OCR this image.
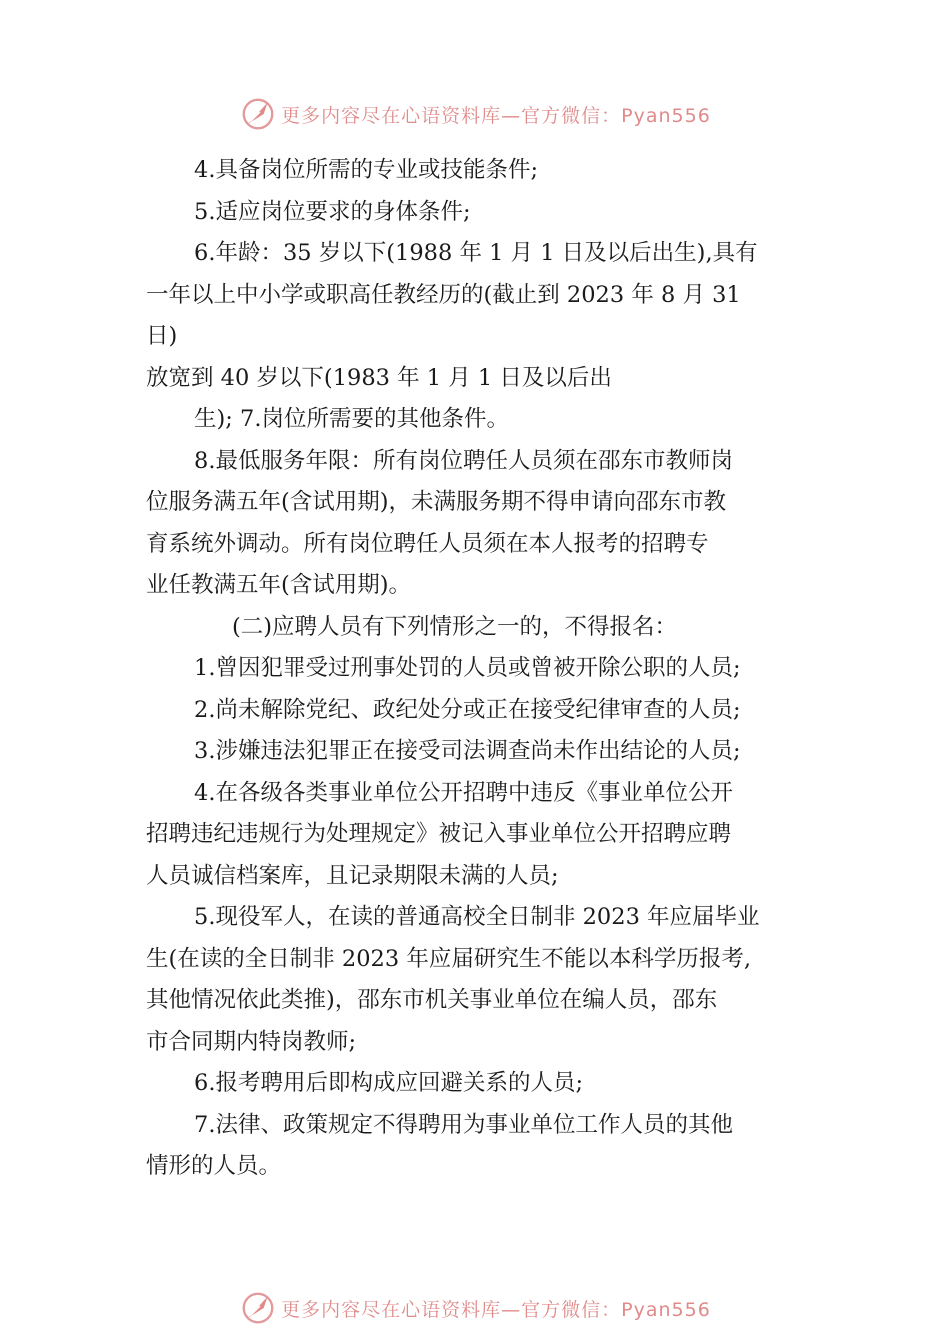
更多内容尽在心语资料库—官方微信：Pyan556

4.具备岗位所需的专业或技能条件;

5.适应岗位要求的身体条件;

6.年龄：35 岁以下(1988 年 1 月 1 日及以后出生),具有

一年以上中小学或职高任教经历的(截止到 2023 年 8 月 31

日)

放宽到 40 岁以下(1983 年 1 月 1 日及以后出

生); 7.岗位所需要的其他条件。

8.最低服务年限：所有岗位聘任人员须在邵东市教师岗

位服务满五年(含试用期)，未满服务期不得申请向邵东市教

育系统外调动。所有岗位聘任人员须在本人报考的招聘专

业任教满五年(含试用期)。

(二)应聘人员有下列情形之一的，不得报名：

1.曾因犯罪受过刑事处罚的人员或曾被开除公职的人员;

2.尚未解除党纪、政纪处分或正在接受纪律审查的人员;

3.涉嫌违法犯罪正在接受司法调查尚未作出结论的人员;

4.在各级各类事业单位公开招聘中违反《事业单位公开

招聘违纪违规行为处理规定》被记入事业单位公开招聘应聘

人员诚信档案库，且记录期限未满的人员;

5.现役军人，在读的普通高校全日制非 2023 年应届毕业

生(在读的全日制非 2023 年应届研究生不能以本科学历报考,

其他情况依此类推)，邵东市机关事业单位在编人员，邵东

市合同期内特岗教师;

6.报考聘用后即构成应回避关系的人员;

7.法律、政策规定不得聘用为事业单位工作人员的其他

情形的人员。

更多内容尽在心语资料库—官方微信：Pyan556
